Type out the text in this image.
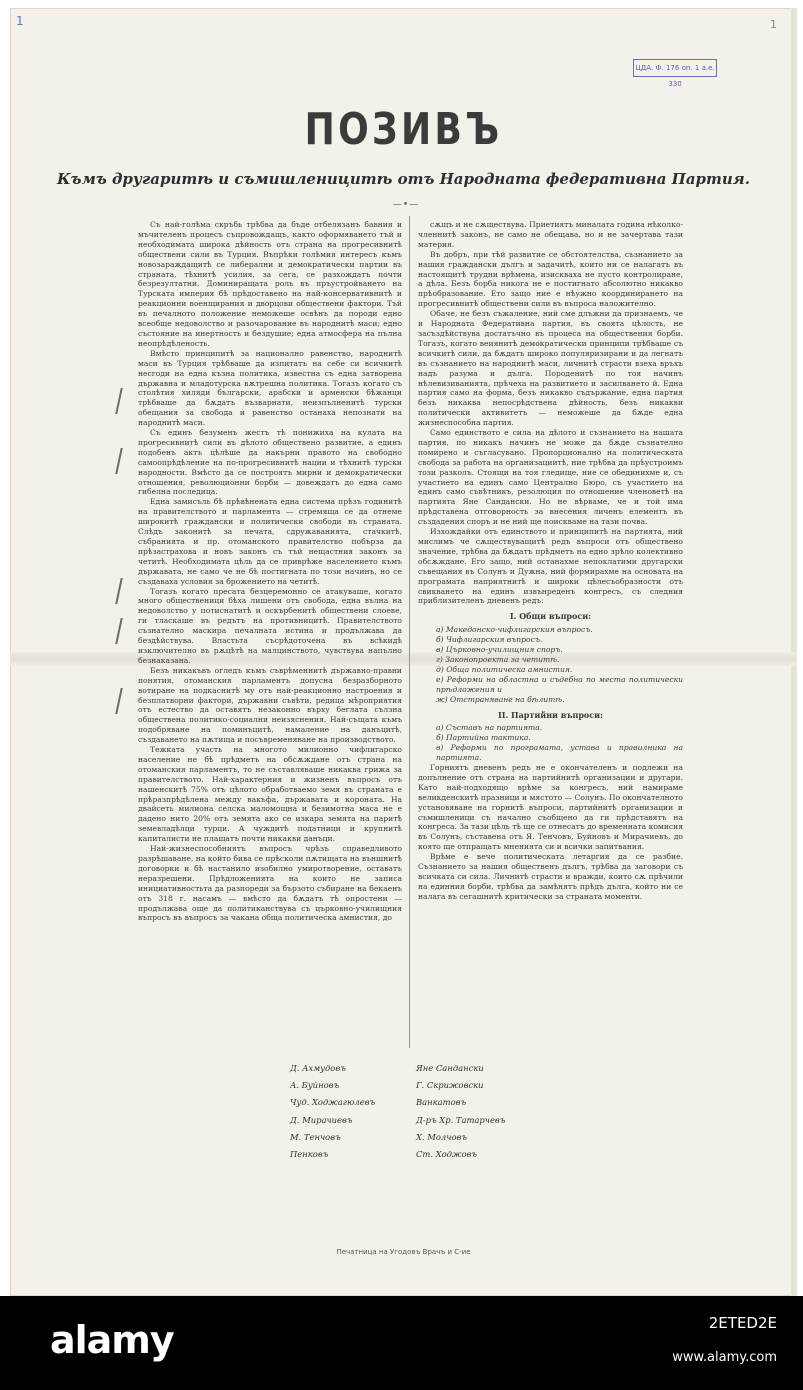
1	1
ЦДА. Ф. 176 оп. 1 а.е. 330
ПОЗИВЪ
Къмъ другаритѣ и съмишленицитѣ отъ Народната федеративна Партия.
—•—

Съ най-голѣма скръбь трѣбва да бъде отбелязанъ бавния и мъчителенъ процесъ съпровождащъ, както оформяването тъй и необходимата широка дѣйность отъ страна на прогресивнитѣ обществени сили въ Турция. Въпрѣки голѣмия интересъ къмъ новозараждащитѣ се либерални и демократически партии въ страната, тѣхнитѣ усилия, за сега, се разхождатъ почти безрезултатни. Доминиращата роль въ пръустройването на Турската империя бѣ прѣдоставено на най-консервативнитѣ и реакционни военщирания и дворцови обществени фактори. Тъй въ печалното положение неможеше освѣнъ да породи едно всеобще недоволство и разочарование въ народнитѣ маси; едно състояние на инертность и бездушие; една атмосфера на пълна неопрѣдѣленость.

Вмѣсто принципитѣ за национално равенство, народнитѣ маси въ Турция трѣбваше да изпитатъ на себе си всичкитѣ несгоди на една къзна политика, известна съ една затворена държавна и младотурска вѫтрешна политика. Тогазъ когато съ столѣтия хиляди български, арабски и арменски бѣжанци трѣбваше да бѫдатъ възварнати, неизпълненитѣ турски обещания за свобода и равенство останаха непознати на народнитѣ маси.

Съ единъ безуменъ жестъ тѣ понижиха на кулата на прогресивнитѣ сили въ дѣлото обществено развитие, а единъ подобенъ актъ цѣлѣше да накърни правото на свободно самоопрѣдѣление на по-прогресивнитѣ нации и тѣхнитѣ турски народности. Вмѣсто да се построятъ мирни и демократически отношения, революционни борби — довеждатъ до една само гибелна последица.

Една замисъль бѣ прѣвѣнената една система прѣзъ годинитѣ на правителството и парламента — стремяща се да отнеме широкитѣ граждански и политически свободи въ страната. Слѣдъ законитѣ за печата, сдружаванията, стачкитѣ, събранията и пр. отоманското правителство побърза да прѣзастрахова и новъ законъ съ тъй нещастния законъ за четитѣ. Необходимата цѣль да се приврѣже населението къмъ държавата, не само че не бѣ постигната по този начинъ, но се създаваха условия за брожението на четитѣ.

Тогазъ когато пресата безцеремонно се атакуваше, когато много общественици бѣха лишени отъ свобода, една вълна на недоволство у потиснатитѣ и оскърбенитѣ обществени слоеве, ги тласкаше въ редътъ на противницитѣ. Правителството съзнателно маскира печалната истина и продължава да бездѣйствува. Властьта съсрѣдоточена въ всѣкидѣ изключително въ рѫцѣтѣ на малцинството, чувствува напълно безнаказана.

Безъ никакъвъ огледъ къмъ съврѣменнитѣ държавно-правни понятия, отоманския парламентъ допусна безразборното вотиране на подкаснитѣ му отъ най-реакционно настроения и безплатворни фактори, държавни съвѣти, редица мѣроприятия отъ естество да оставятъ незаконно върху беглата сълзна обществена политико-социални неизяснения. Най-същата къмъ подобряване на поминъцитѣ, намаление на данъцитѣ, създаването на пѫтища и посъвременяване на производството.

Тежката участь на многото милионно чифлигарско население не бѣ прѣдметъ на обсѫждане отъ страна на отоманския парламентъ, то не съставляваше никаква грижа за правителството. Най-характерния и жизненъ въпросъ отъ нашенскитѣ 75% отъ цѣлото обработваемо земя въ страната е прѣразпрѣдѣлена между вакъфа, държавата и короната. На двайсеть милиона селска маломощна и безимотна маса не е дадено нито 20% отъ земята ако се изкара земята на паритѣ земевладѣлци турци. А чуждитѣ податници и крупнитѣ капиталисти не плащатъ почти никакви данъци.

Най-жизнеспособниятъ въпросъ чрѣзъ справедливото разрѣшаване, на който бива се прѣсколи пѫтищата на външнитѣ договорки и бѣ настанило изобилно умиротворение, оставатъ неразрешени. Прѣдложенията на които не записа инициативностьта да разпореди за бързото събиране на бекаенъ отъ 318 г. насамъ — вмѣсто да бѫдатъ тѣ опростени — продължава още да политиканствува съ църковно-училищния въпросъ въ въпросъ за чакана обща политическа амнистия, до

сѫщъ и не сѫществува. Приетиятъ миналата година нѣколко-членнитѣ законъ, не само не обещава, но и не зачертава тази материя.

Въ добръ, при тѣй развитиe се обстоятелства, съзнанието за нашия граждански дългъ и задачитѣ, които ни се налагатъ въ настоящитѣ трудни врѣмена, изискваха не пусто контролиране, а дѣла. Безъ борба никога не е постигнато абсолютно никакво прѣобразование. Ето защо ние е нѣужно координирането на прогресивнитѣ обществени сили въ въпроса наложителнo.

Обаче, не безъ съжаление, ний сме длъжни да признаемъ, че и Народната Федеративна партия, въ своята цѣлость, не засъздѣйствува достатъчно въ процеса на обществения борби. Тогазъ, когато веиянитѣ демократически принципи трѣбваше съ всичкитѣ сили, да бѫдатъ широко популяризирани и да легнатъ въ съзнанието на народнитѣ маси, личнитѣ страсти взеха връхъ надъ разума и дълга. Породенитѣ по тоя начинъ нѣлевизиванията, прѣчехa на развитието и засилването й. Една партия само на форма, безъ никакво съдържание, една партия безъ никаква непосрѣдствена дѣйность, безъ никакви политически активитетъ — неможеше да бѫде една жизнеспособна партия.

Само единството е сила на дѣлото и съзнанието на нашата партия, по никакъ начинъ не може да бѫде съзнателно помирено и съгласувано. Пропорционално на политическата свобода за работа на организациитѣ, ние трѣбва да прѣустроимъ този разколъ. Стоящи на тоя гледище, ние се обединихме и, съ участието на единъ само Централнo Бюро, съ участието на единъ само съвѣтникъ, резолюция по отношение членоветѣ на партията Яне Сандански. Но не вѣрваме, че и той има прѣдставена отговорность за внесения личенъ елементъ въ създадения споръ и не ний ще поискваме на тази почва.

Изхождайки отъ единството и принципитѣ на партията, ний мислимъ че сѫществуващитѣ редъ въпроси отъ обществено значение, трѣбва да бѫдатъ прѣдметъ на едно зрѣло колективно обсѫждане. Его защо, ний останахме непоклатими другарски съвещания въ Солунъ и Дужна, ний формирахме на основата на програмата наприятнитѣ и широки цѣлесъобразности отъ свикването на единъ извънреденъ конгресъ, съ следния приблизителенъ дневенъ редъ:

I. Общи въпроси:

а) Македонско-чифлигарския въпросъ.
б) Чифлигарския въпросъ.
в) Църковно-училищния споръ.
г) Законопроекта за четитѣ.
д) Обща политическа амнистия.
е) Реформи на областна и съдебна по места политически прѣдложения и
ж) Отстраняване на бѣлитѣ.

II. Партийни въпроси:

а) Съставъ на партията.
б) Партийна тактика.
в) Реформи по програмата, устава и правилника на партията.

Горниятъ дневенъ редъ не е окончателенъ и подлежи на допълнение отъ страна на партийнитѣ организации и другари. Като най-подходящо врѣме за конгресъ, ний намираме великденскитѣ празници и мястото — Солунъ. По окончателното установяване на горнитѣ въпроси, партийнитѣ организации и съмишленици съ начално съобщено да ги прѣдставятъ на конгреса. За тази цѣль тѣ ще се отнесатъ до временната комисия въ Солунъ, съставена отъ Я. Тенчовъ, Буйновъ и Мирачиевъ, до която ще отпращатъ мненията си и всички запитвания.

Врѣме е вече политическата летаргия да се разбие. Съзнанието за нашия общественъ дългъ, трѣбва да заговори съ всичката си сила. Личнитѣ страсти и вражди, които сѫ прѣчили на единния борби, трѣбва да замѣнятъ прѣдъ дълга, който ни се налага въ сегашнитѣ критически за страната моменти.

Д. Ахмудовъ
А. Буйновъ
Чуд. Ходжагюлевъ
Д. Мирачиевъ
М. Тенчовъ
Пенковъ
Яне Сандански
Г. Скрижовски
Ванкатовъ
Д-ръ Хр. Татарчевъ
Х. Молчовъ
Ст. Ходжовъ
Печатница на Угодовъ Врачъ и С-ие
alamy	2ETED2E
www.alamy.com
